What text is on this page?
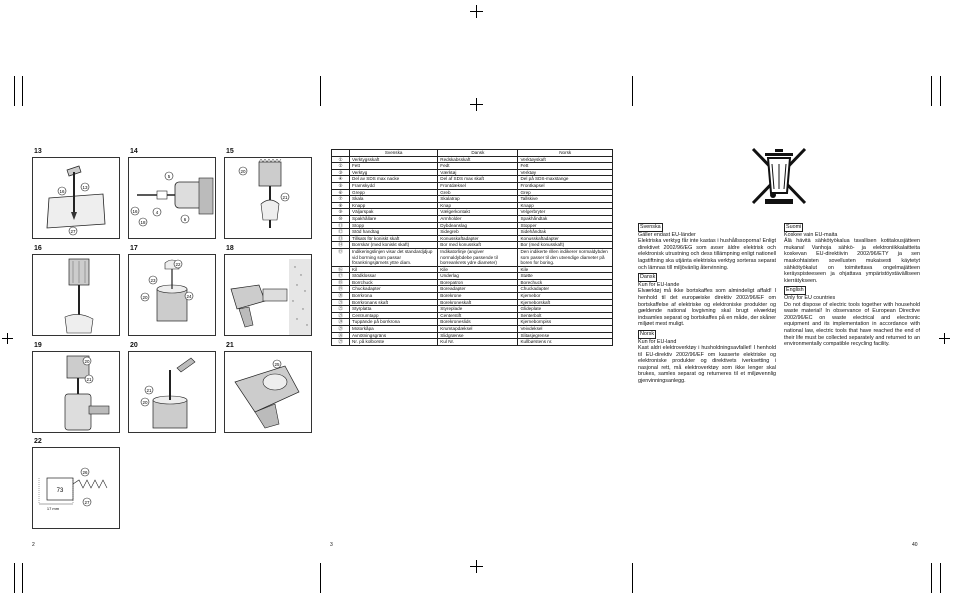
13
16
13
27
14
5
4
16
18
6
15
20
21
16	17
22
23
20	24
18
19
20
21
20
21
20
21
25
22
73
17 mm
26
27
	Svenska	Dansk	Norsk
①	Verktygsskaft	Redskabsskaft	Verktøyskaft
②	Fett	Fedt	Fett
③	Verktyg	Værktøj	Verktøy
④	Del av SDS max nacke	Del af SDS max skaft	Del på SDS-maxstange
⑤	Framskydd	Frontdæksel	Frontkapsel
⑥	Grepp	Greb	Grep
⑦	Skala	Skalatrap	Tallskive
⑧	Knapp	Knap	Knapp
⑨	Väljarspak	Vælgerkontakt	Velgerbryter
⑩	Spakhållare	Armholder	Spakhåndtak
⑪	Stopp	Dybdeanslag	Stopper
⑫	Stöd handtag	Sidegreb	Sidehåndtak
⑬	Tillsats för koniskt skaft	Konusskaftadapter	Konusskaftadapter
⑭	Borrskär (med koniskt skaft)	Bor med konusskaft	Bor (med konusskaft)
⑮	Indikeringslinjen visar det standardjdjup vid borrning som passar förankringsjärnets yttre diam.	Indikatorlinje (angiver normaldybdebe passende til borreankrets ydre diameter)	Den indikerte rillen indikerer normaldybden som passer til den utvendige diameter på boren for boring.
⑯	Kil	Kile	Kile
⑰	Stödklossar	Underlag	Støtte
⑱	Borrchuck	Borepatron	Borechuck
⑲	Chuckadapter	Boreadapter	Chuckadapter
⑳	Borrkrona	Borekrone	Kjernebor
㉑	Borrkronans skaft	Borekroneskaft	Kjerneborskaft
㉒	Styrplatta	Styreplade	Glideplate
㉓	Centrumtapp	Centerstift	Senterbolt
㉔	Tuppände på borrkrona	Borekroneslids	Kjernebornpiss
㉕	Motorkåpa	Krumtapdæksel	Veivdeksel
㉖	Avnötningsgräns	Slidgrænse	Slitasjegrense
㉗	Nr. på kolborste	Kul Nr.	Kullbørstens nr.
Svenska

Gäller endast EU-länder

Elektriska verktyg får inte kastas i hushållssoporna! Enligt direktivet 2002/96/EG som avser äldre elektrisk och elektronisk utrustning och dess tillämpning enligt nationell lagstiftning ska utjänta elektriska verktyg sorteras separat och lämnas till miljövänlig återvinning.

Dansk

Kun for EU-lande

Elværktøj må ikke bortskaffes som almindeligt affald! I henhold til det europæiske direktiv 2002/96/EF om bortskaffelse af elektriske og elektroniske produkter og gældende national lovgivning skal brugt elværktøj indsamles separat og bortskaffes på en måde, der skåner miljøet mest muligt.

Norsk

Kun for EU-land

Kast aldri elektroverktøy i husholdningsavfallet! I henhold til EU-direktiv 2002/96/EF om kasserte elektriske og elektroniske produkter og direktivets iverksetting i nasjonal rett, må elektroverktøy som ikke lenger skal brukes, samles separat og returneres til et miljøvennlig gjenvinningsanlegg.

Suomi

Koskee vain EU-maita

Älä hävitä sähkötyökalua tavallisen kotitalousjätteen mukana! Vanhoja sähkö- ja elektroniikkalaitteita koskevan EU-direktiivin 2002/96/ETY ja sen maskohtaisten sovellusten mukaisesti käytetyt sähkötyökalut on toimitettava ongelmajätteen keräyspisteeseen ja ohjattava ympäristöystävälliseen kierrätykseen.

English

Only for EU countries

Do not dispose of electric tools together with household waste material! In observance of European Directive 2002/96/EC on waste electrical and electronic equipment and its implementation in accordance with national law, electric tools that have reached the end of their life must be collected separately and returned to an environmentally compatible recycling facility.

2	3	40
